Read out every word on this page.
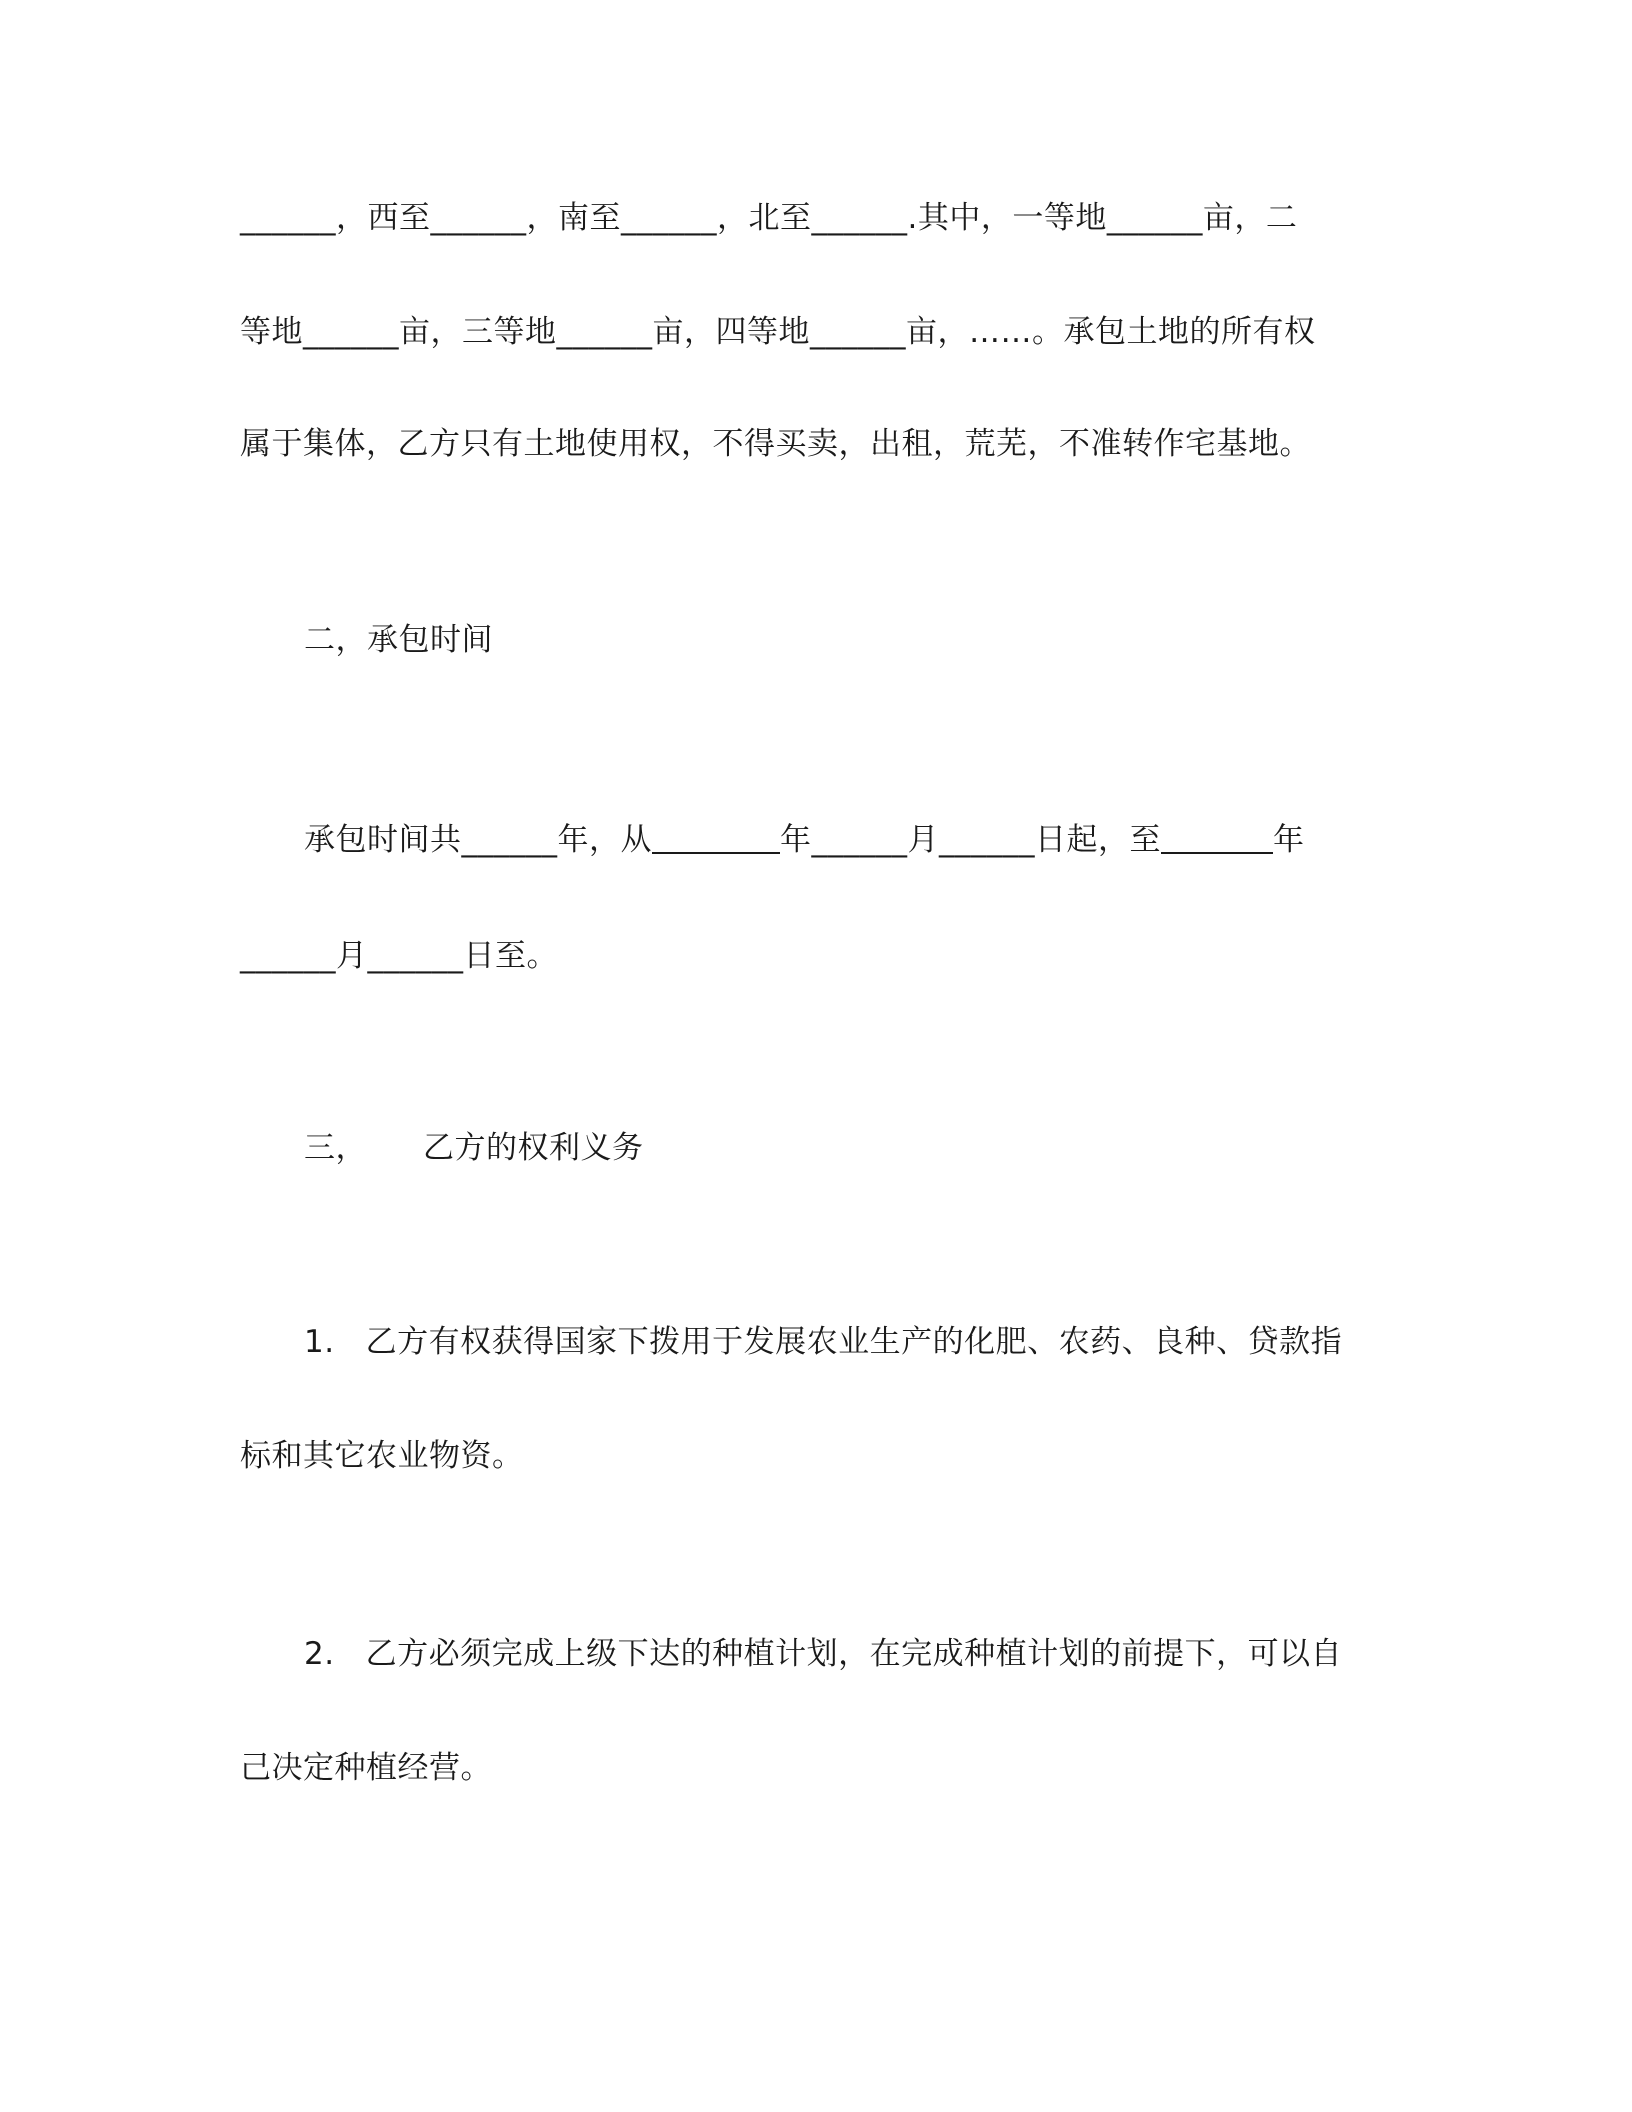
______，西至______，南至______，北至______.其中，一等地______亩，二
等地______亩，三等地______亩，四等地______亩，……。承包土地的所有权
属于集体，乙方只有土地使用权，不得买卖，出租，荒芜，不准转作宅基地。
二，承包时间
承包时间共______年，从	年______月______日起，至	年
______月______日至。
三， 乙方的权利义务
1.   乙方有权获得国家下拨用于发展农业生产的化肥、农药、良种、贷款指
标和其它农业物资。
2.   乙方必须完成上级下达的种植计划，在完成种植计划的前提下，可以自
己决定种植经营。
